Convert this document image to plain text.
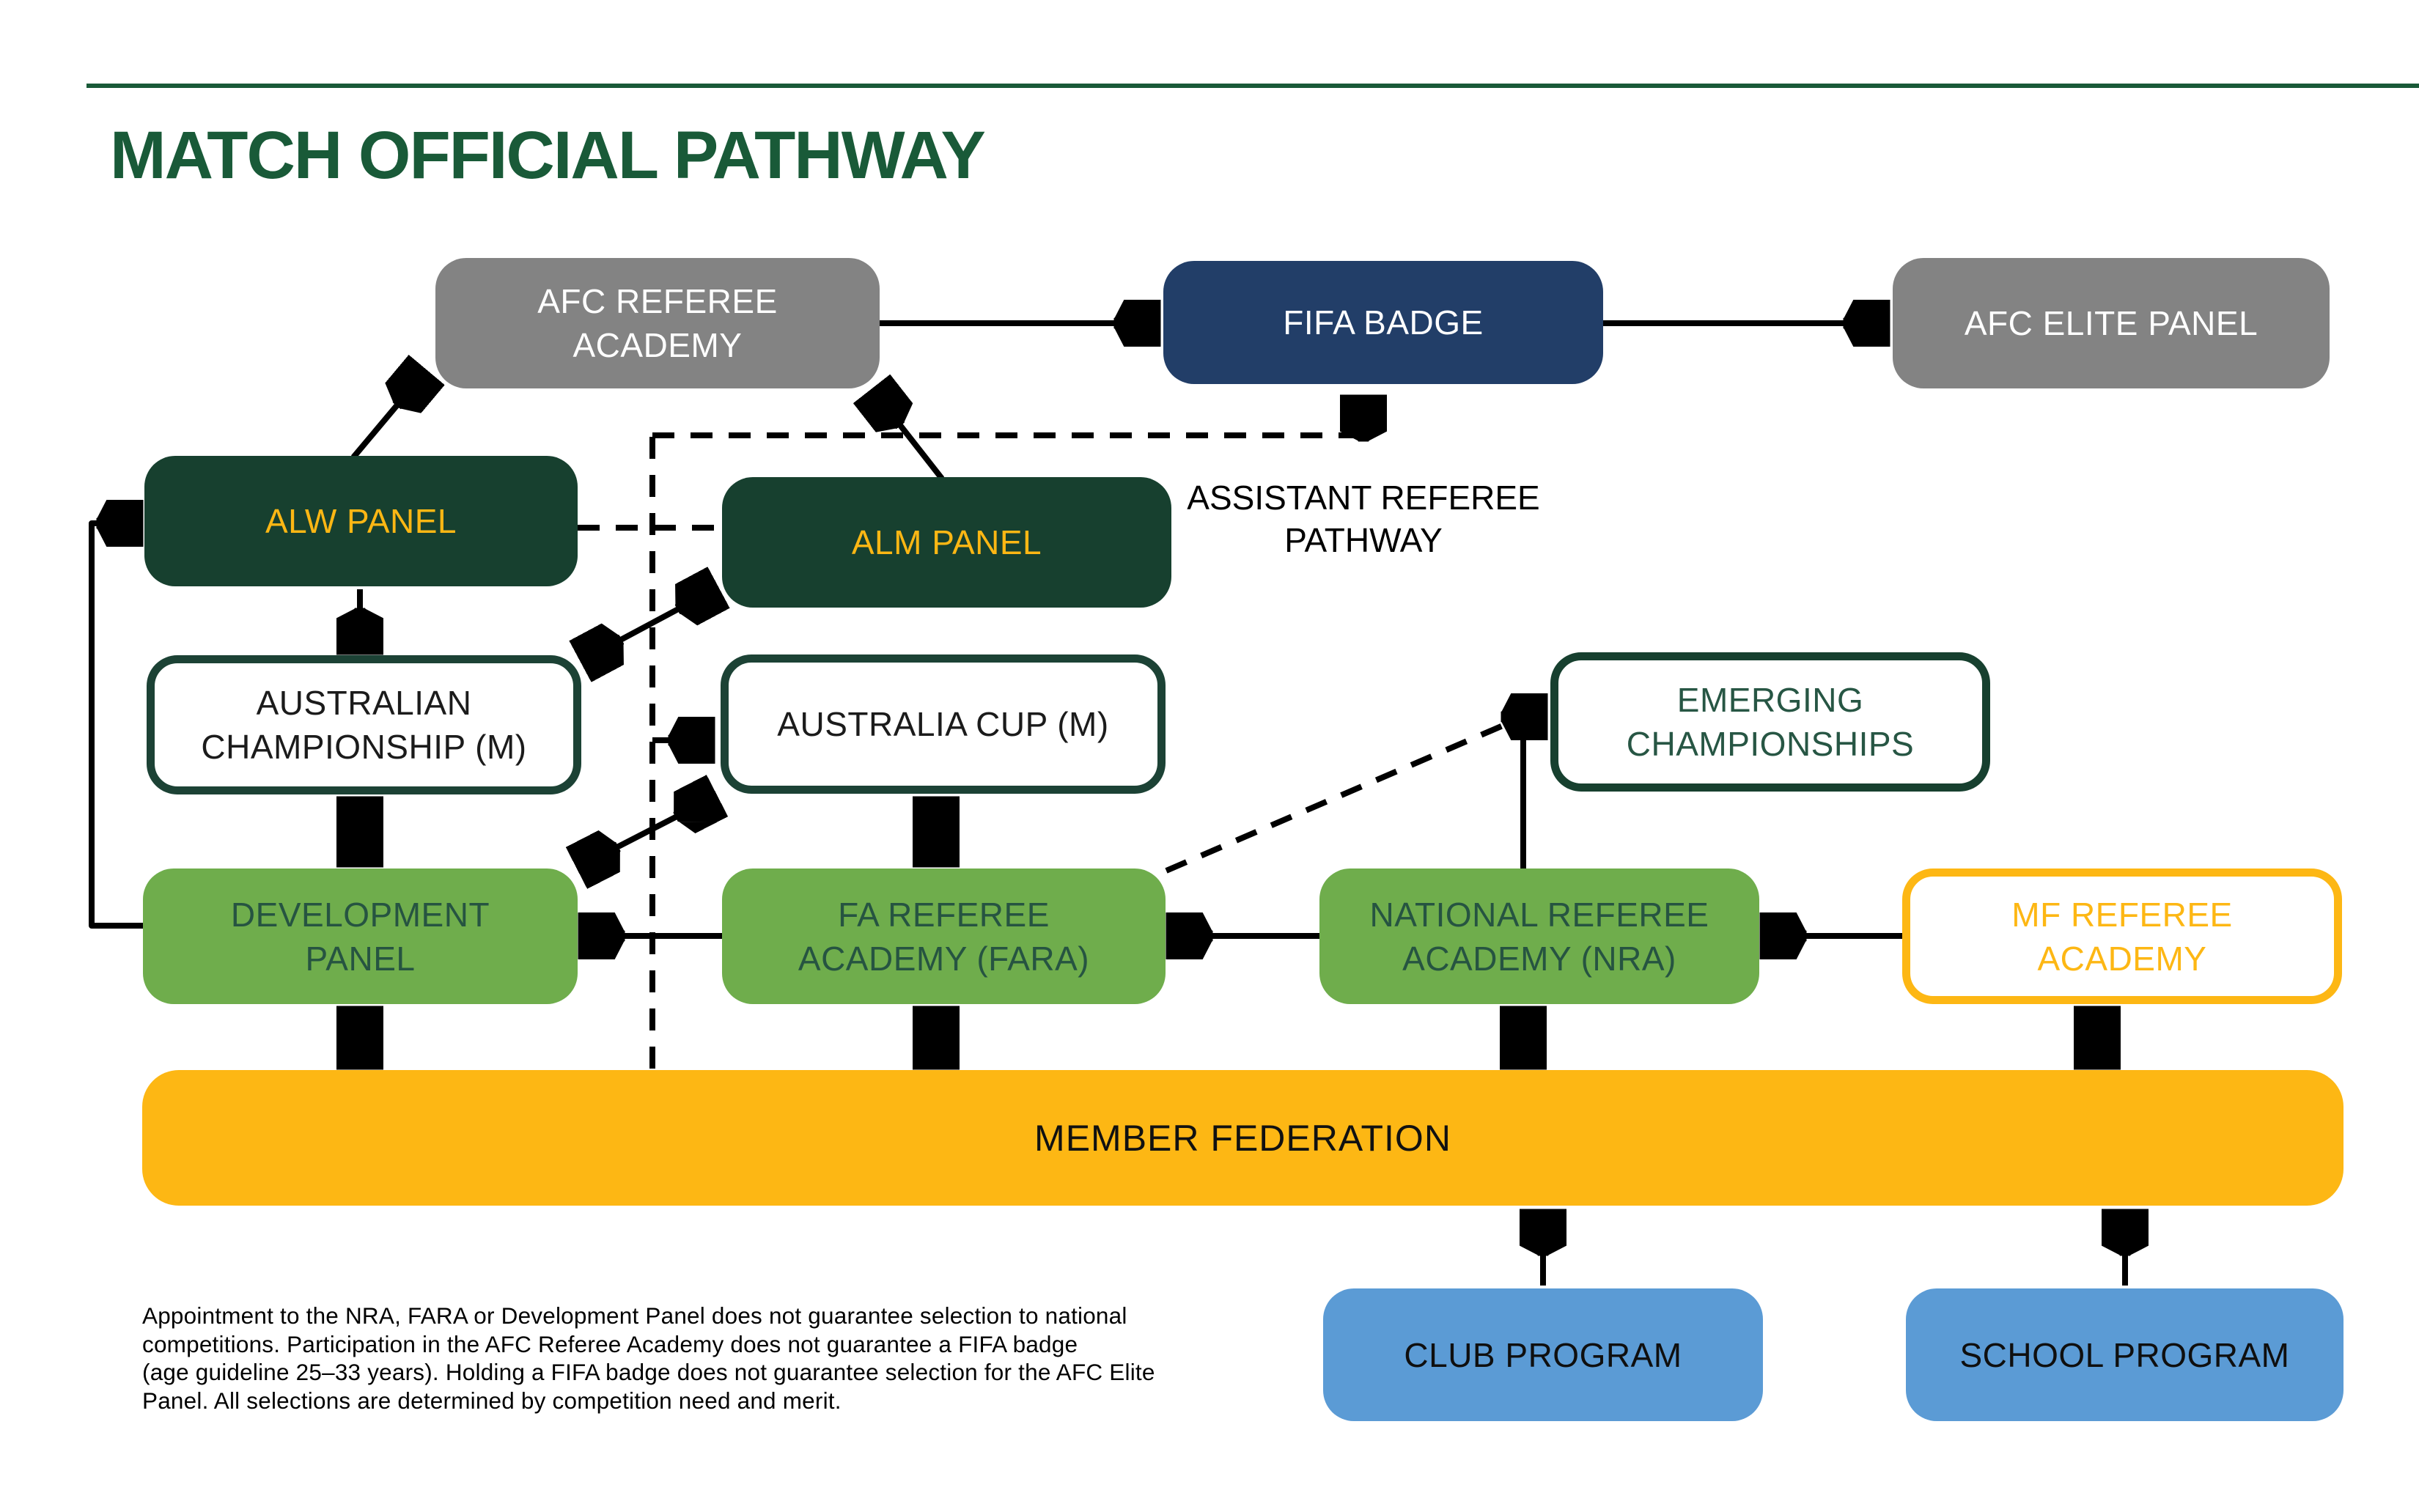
MATCH OFFICIAL PATHWAY
AFC REFEREE
ACADEMY
FIFA BADGE	AFC ELITE PANEL
ALW PANEL
ALM PANEL
ASSISTANT REFEREE
PATHWAY
AUSTRALIAN
CHAMPIONSHIP (M)
AUSTRALIA CUP (M)
EMERGING
CHAMPIONSHIPS
DEVELOPMENT
PANEL
FA REFEREE
ACADEMY (FARA)
NATIONAL REFEREE
ACADEMY (NRA)
MF REFEREE
ACADEMY
MEMBER FEDERATION
CLUB PROGRAM	SCHOOL PROGRAM
Appointment to the NRA, FARA or Development Panel does not guarantee selection to national
competitions. Participation in the AFC Referee Academy does not guarantee a FIFA badge
(age guideline 25–33 years). Holding a FIFA badge does not guarantee selection for the AFC Elite
Panel. All selections are determined by competition need and merit.
